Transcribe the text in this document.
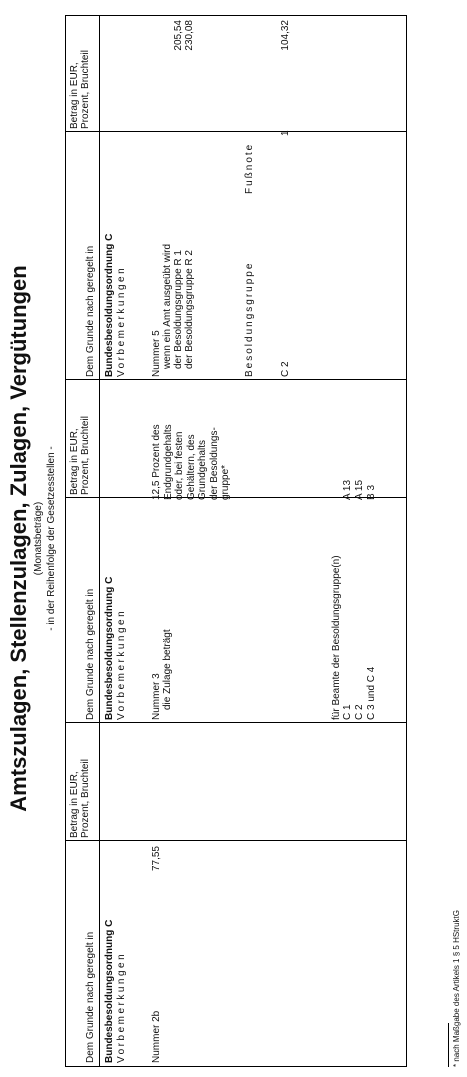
Amtszulagen, Stellenzulagen, Zulagen, Vergütungen (Monatsbeträge) - in der Reihenfolge der Gesetzesstellen -
Dem Grunde nach geregelt in
Betrag in EUR, Prozent, Bruchteil
Dem Grunde nach geregelt in
Betrag in EUR, Prozent, Bruchteil
Dem Grunde nach geregelt in
Betrag in EUR, Prozent, Bruchteil
Bundesbesoldungsordnung C Vorbemerkungen Nummer 2b
77,55
Bundesbesoldungsordnung C Vorbemerkungen Nummer 3 die Zulage beträgt
12,5 Prozent des Endgrundgehalts oder, bei festen Gehältern, des Grundgehalts der Besoldungs- gruppe*
für Beamte der Besoldungsgruppe(n) C 1
A 13
C 2
A 15
C 3 und C 4
B 3
Bundesbesoldungsordnung C Vorbemerkungen Nummer 5 wenn ein Amt ausgeübt wird der Besoldungsgruppe R 1 der Besoldungsgruppe R 2
205,54 230,08
Besoldungsgruppe
Fußnote
C 2
1
104,32
* nach Maßgabe des Artikels 1 § 5 HStruktG
